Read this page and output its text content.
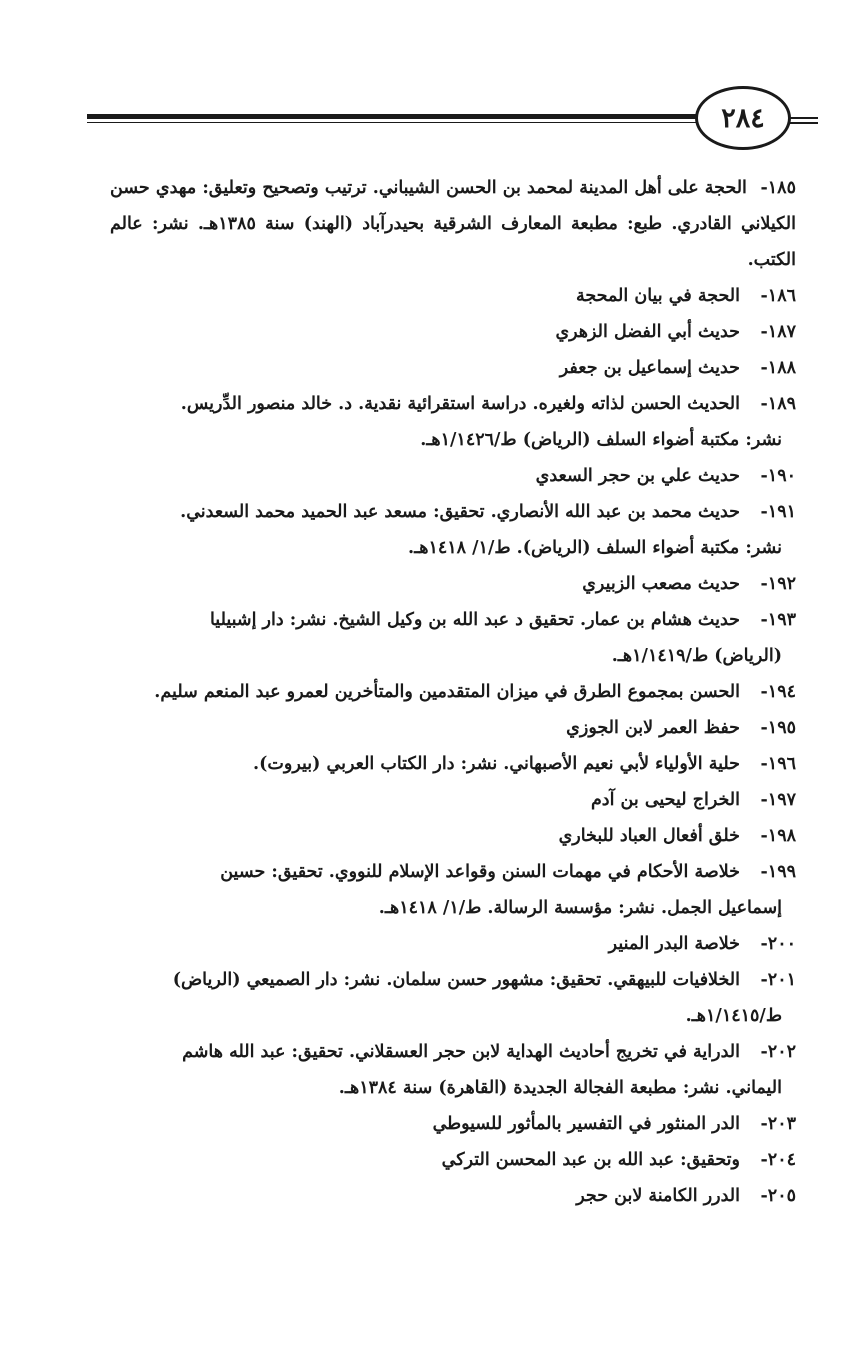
٢٨٤
١٨٥- الحجة على أهل المدينة لمحمد بن الحسن الشيباني. ترتيب وتصحيح وتعليق: مهدي حسن الكيلاني القادري. طبع: مطبعة المعارف الشرقية بحيدرآباد (الهند) سنة ١٣٨٥هـ. نشر: عالم الكتب.
١٨٦-
الحجة في بيان المحجة
١٨٧-
حديث أبي الفضل الزهري
١٨٨-
حديث إسماعيل بن جعفر
١٨٩-
الحديث الحسن لذاته ولغيره. دراسة استقرائية نقدية. د. خالد منصور الدِّريس.
نشر: مكتبة أضواء السلف (الرياض) ط/١/١٤٢٦هـ.
١٩٠-
حديث علي بن حجر السعدي
١٩١-
حديث محمد بن عبد الله الأنصاري. تحقيق: مسعد عبد الحميد محمد السعدني.
نشر: مكتبة أضواء السلف (الرياض). ط/١/ ١٤١٨هـ.
١٩٢-
حديث مصعب الزبيري
١٩٣-
حديث هشام بن عمار. تحقيق د عبد الله بن وكيل الشيخ. نشر: دار إشبيليا
(الرياض) ط/١/١٤١٩هـ.
١٩٤-
الحسن بمجموع الطرق في ميزان المتقدمين والمتأخرين لعمرو عبد المنعم سليم.
١٩٥-
حفظ العمر لابن الجوزي
١٩٦-
حلية الأولياء لأبي نعيم الأصبهاني. نشر: دار الكتاب العربي (بيروت).
١٩٧-
الخراج ليحيى بن آدم
١٩٨-
خلق أفعال العباد للبخاري
١٩٩-
خلاصة الأحكام في مهمات السنن وقواعد الإسلام للنووي. تحقيق: حسين
إسماعيل الجمل. نشر: مؤسسة الرسالة. ط/١/ ١٤١٨هـ.
٢٠٠-
خلاصة البدر المنير
٢٠١-
الخلافيات للبيهقي. تحقيق: مشهور حسن سلمان. نشر: دار الصميعي (الرياض)
ط/١/١٤١٥هـ.
٢٠٢-
الدراية في تخريج أحاديث الهداية لابن حجر العسقلاني. تحقيق: عبد الله هاشم
اليماني. نشر: مطبعة الفجالة الجديدة (القاهرة) سنة ١٣٨٤هـ.
٢٠٣-
الدر المنثور في التفسير بالمأثور للسيوطي
٢٠٤-
وتحقيق: عبد الله بن عبد المحسن التركي
٢٠٥-
الدرر الكامنة لابن حجر
